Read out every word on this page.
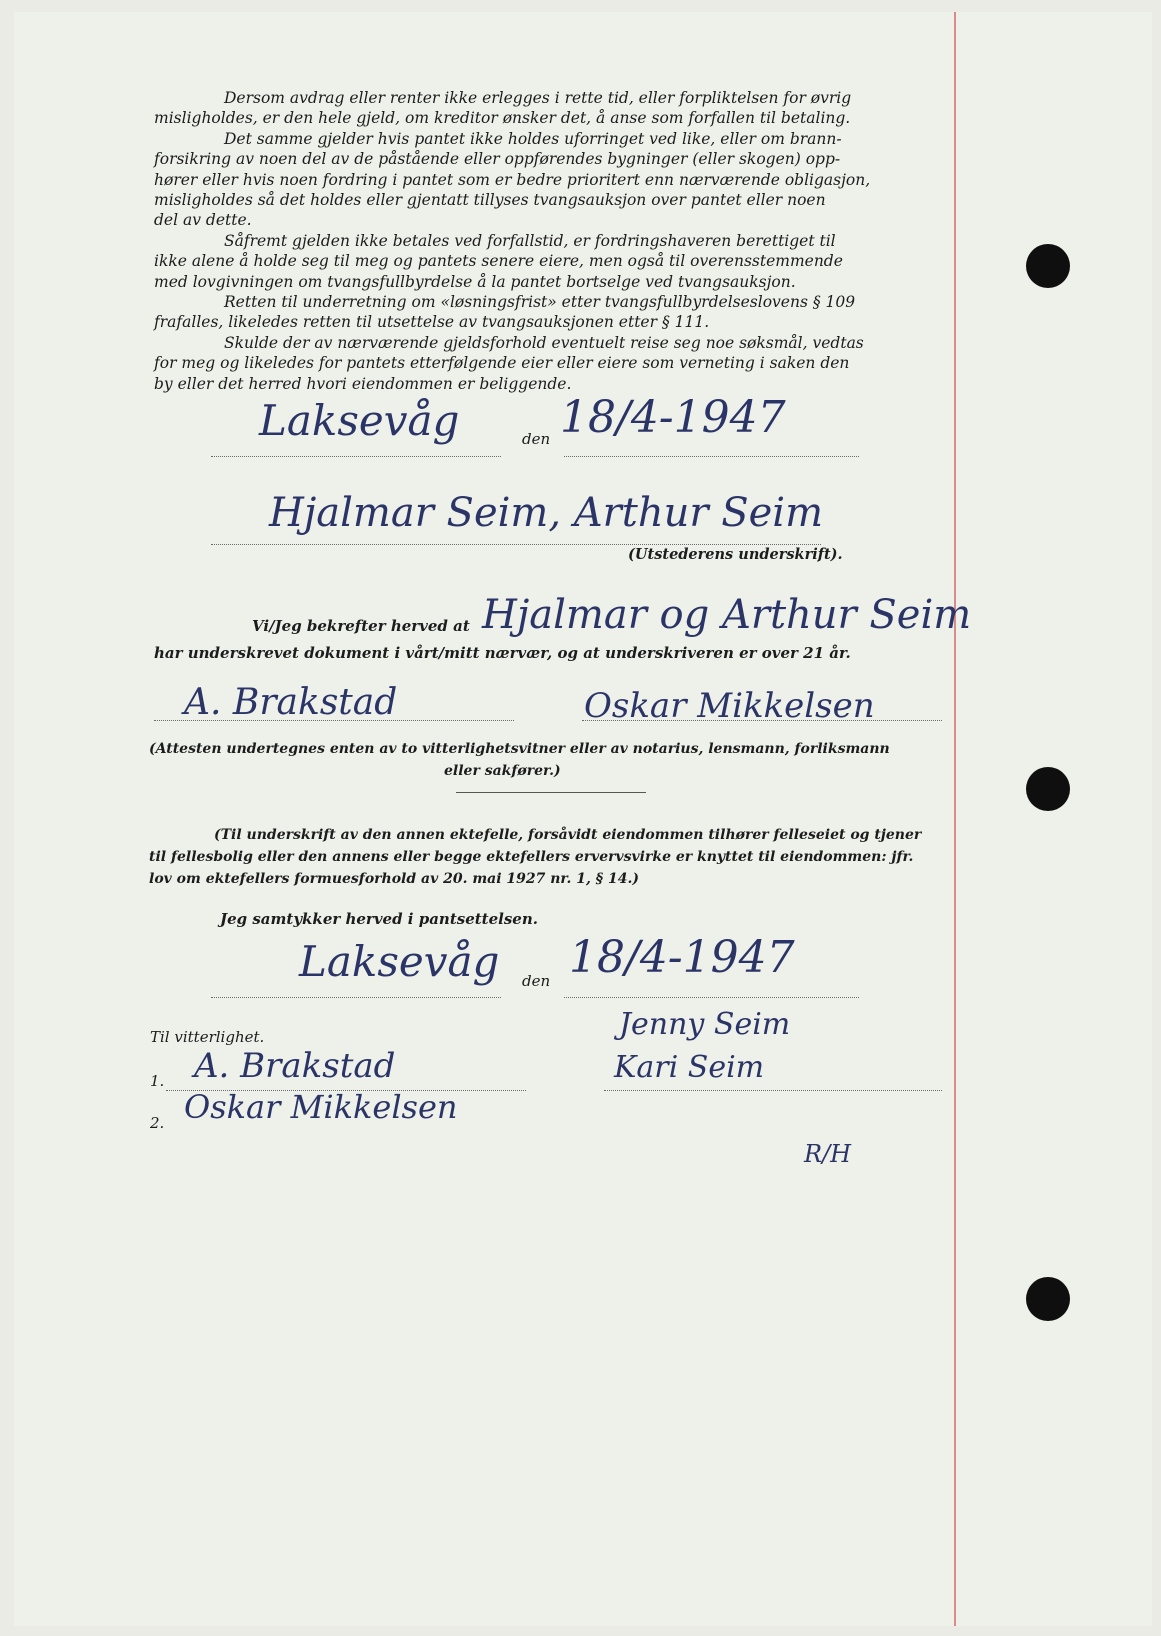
Dersom avdrag eller renter ikke erlegges i rette tid, eller forpliktelsen for øvrig
misligholdes, er den hele gjeld, om kreditor ønsker det, å anse som forfallen til betaling.
Det samme gjelder hvis pantet ikke holdes uforringet ved like, eller om brann-
forsikring av noen del av de påstående eller oppførendes bygninger (eller skogen) opp-
hører eller hvis noen fordring i pantet som er bedre prioritert enn nærværende obligasjon,
misligholdes så det holdes eller gjentatt tillyses tvangsauksjon over pantet eller noen
del av dette.
Såfremt gjelden ikke betales ved forfallstid, er fordringshaveren berettiget til
ikke alene å holde seg til meg og pantets senere eiere, men også til overensstemmende
med lovgivningen om tvangsfullbyrdelse å la pantet bortselge ved tvangsauksjon.
Retten til underretning om «løsningsfrist» etter tvangsfullbyrdelseslovens § 109
frafalles, likeledes retten til utsettelse av tvangsauksjonen etter § 111.
Skulde der av nærværende gjeldsforhold eventuelt reise seg noe søksmål, vedtas
for meg og likeledes for pantets etterfølgende eier eller eiere som verneting i saken den
by eller det herred hvori eiendommen er beliggende.
Laksevåg	den 18/4-1947
Hjalmar Seim, Arthur Seim
(Utstederens underskrift).
Vi/Jeg bekrefter herved at Hjalmar og Arthur Seim
har underskrevet dokument i vårt/mitt nærvær, og at underskriveren er over 21 år.
A. Brakstad	Oskar Mikkelsen
(Attesten undertegnes enten av to vitterlighetsvitner eller av notarius, lensmann, forliksmann
eller sakfører.)
(Til underskrift av den annen ektefelle, forsåvidt eiendommen tilhører felleseiet og tjener
til fellesbolig eller den annens eller begge ektefellers ervervsvirke er knyttet til eiendommen: jfr.
lov om ektefellers formuesforhold av 20. mai 1927 nr. 1, § 14.)
Jeg samtykker herved i pantsettelsen.
Laksevåg den 18/4-1947
Til vitterlighet.	Jenny Seim
Kari Seim
1. A. Brakstad
2. Oskar Mikkelsen
R/H
